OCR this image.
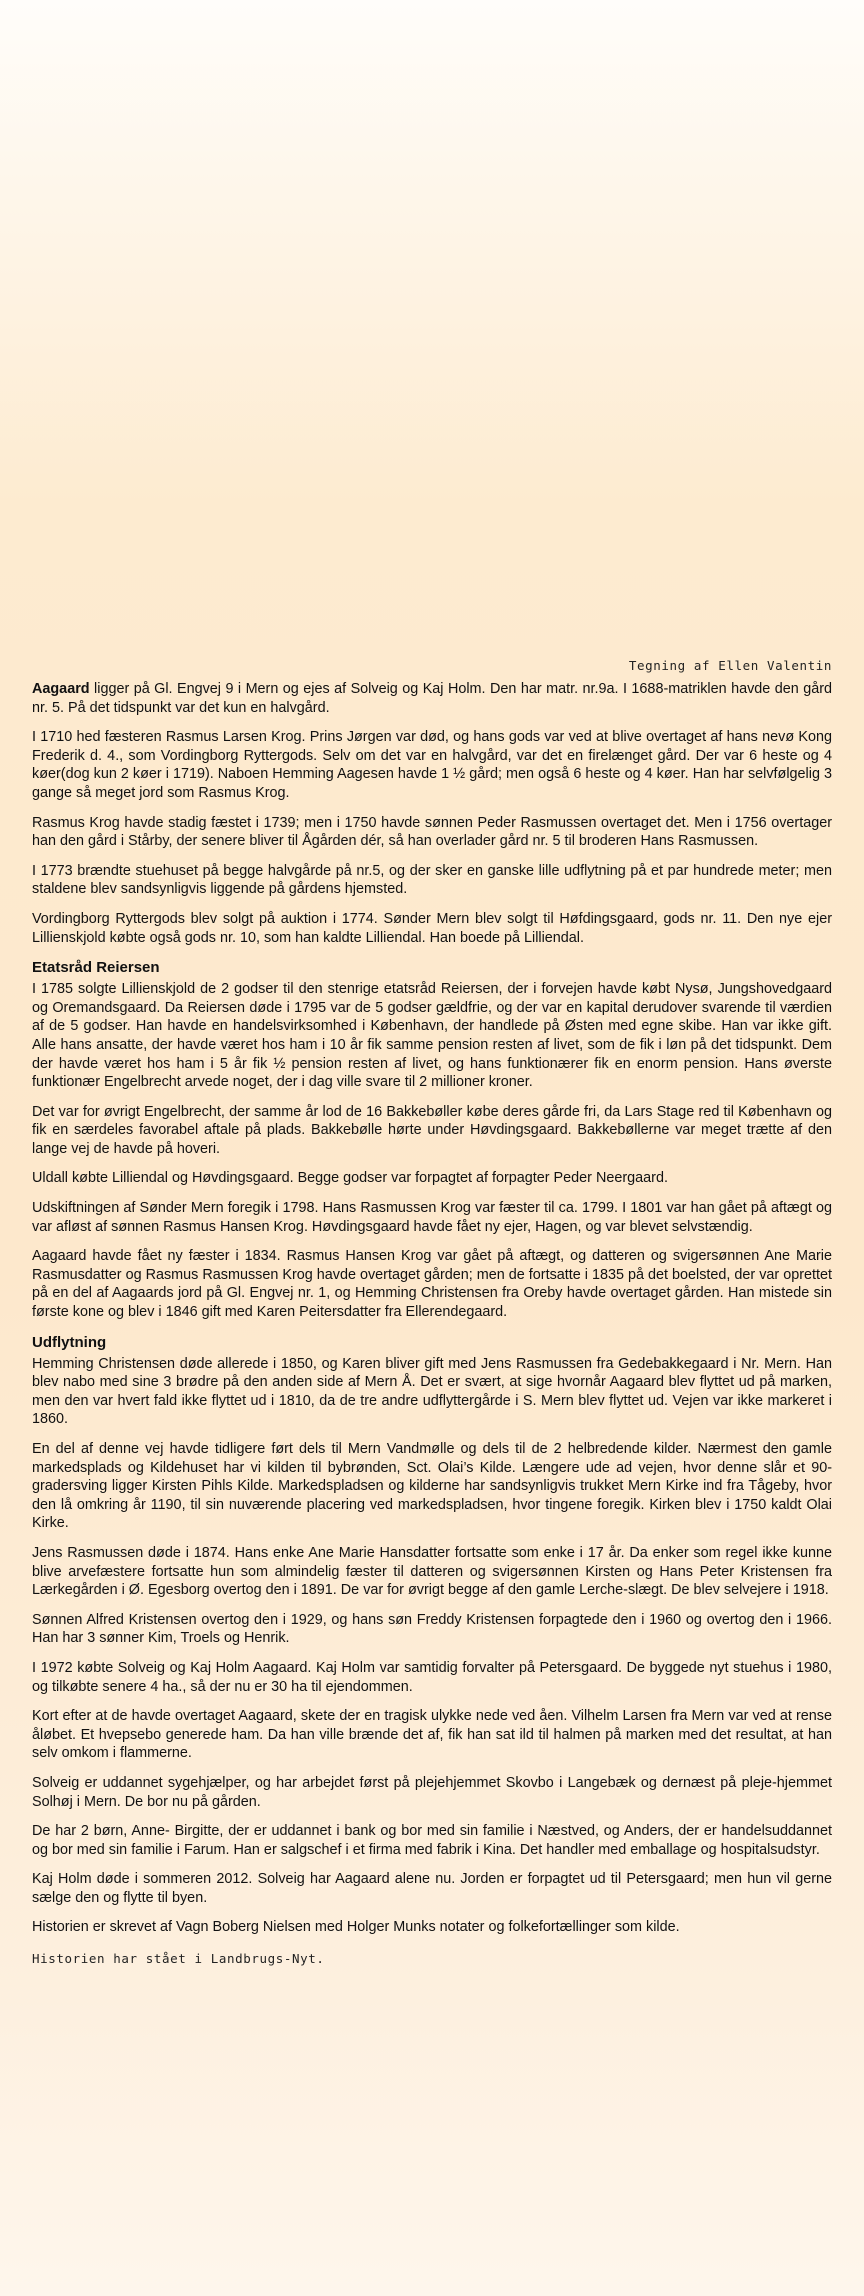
Tegning af Ellen Valentin

Aagaard ligger på Gl. Engvej 9 i Mern og ejes af Solveig og Kaj Holm. Den har matr. nr.9a. I 1688-matriklen havde den gård nr. 5. På det tidspunkt var det kun en halvgård.

I 1710 hed fæsteren Rasmus Larsen Krog. Prins Jørgen var død, og hans gods var ved at blive overtaget af hans nevø Kong Frederik d. 4., som Vordingborg Ryttergods. Selv om det var en halvgård, var det en firelænget gård. Der var 6 heste og 4 køer(dog kun 2 køer i 1719). Naboen Hemming Aagesen havde 1 ½ gård; men også 6 heste og 4 køer. Han har selvfølgelig 3 gange så meget jord som Rasmus Krog.

Rasmus Krog havde stadig fæstet i 1739; men i 1750 havde sønnen Peder Rasmussen overtaget det. Men i 1756 overtager han den gård i Stårby, der senere bliver til Ågården dér, så han overlader gård nr. 5 til broderen Hans Rasmussen.

I 1773 brændte stuehuset på begge halvgårde på nr.5, og der sker en ganske lille udflytning på et par hundrede meter; men staldene blev sandsynligvis liggende på gårdens hjemsted.

Vordingborg Ryttergods blev solgt på auktion i 1774. Sønder Mern blev solgt til Høfdingsgaard, gods nr. 11. Den nye ejer Lillienskjold købte også gods nr. 10, som han kaldte Lilliendal. Han boede på Lilliendal.

Etatsråd Reiersen

I 1785 solgte Lillienskjold de 2 godser til den stenrige etatsråd Reiersen, der i forvejen havde købt Nysø, Jungshovedgaard og Oremandsgaard. Da Reiersen døde i 1795 var de 5 godser gældfrie, og der var en kapital derudover svarende til værdien af de 5 godser. Han havde en handelsvirksomhed i København, der handlede på Østen med egne skibe. Han var ikke gift. Alle hans ansatte, der havde været hos ham i 10 år fik samme pension resten af livet, som de fik i løn på det tidspunkt. Dem der havde været hos ham i 5 år fik ½ pension resten af livet, og hans funktionærer fik en enorm pension. Hans øverste funktionær Engelbrecht arvede noget, der i dag ville svare til 2 millioner kroner.

Det var for øvrigt Engelbrecht, der samme år lod de 16 Bakkebøller købe deres gårde fri, da Lars Stage red til København og fik en særdeles favorabel aftale på plads. Bakkebølle hørte under Høvdingsgaard. Bakkebøllerne var meget trætte af den lange vej de havde på hoveri.

Uldall købte Lilliendal og Høvdingsgaard. Begge godser var forpagtet af forpagter Peder Neergaard.

Udskiftningen af Sønder Mern foregik i 1798. Hans Rasmussen Krog var fæster til ca. 1799. I 1801 var han gået på aftægt og var afløst af sønnen Rasmus Hansen Krog. Høvdingsgaard havde fået ny ejer, Hagen, og var blevet selvstændig.

Aagaard havde fået ny fæster i 1834. Rasmus Hansen Krog var gået på aftægt, og datteren og svigersønnen Ane Marie Rasmusdatter og Rasmus Rasmussen Krog havde overtaget gården; men de fortsatte i 1835 på det boelsted, der var oprettet på en del af Aagaards jord på Gl. Engvej nr. 1, og Hemming Christensen fra Oreby havde overtaget gården. Han mistede sin første kone og blev i 1846 gift med Karen Peitersdatter fra Ellerendegaard.

Udflytning

Hemming Christensen døde allerede i 1850, og Karen bliver gift med Jens Rasmussen fra Gedebakkegaard i Nr. Mern. Han blev nabo med sine 3 brødre på den anden side af Mern Å. Det er svært, at sige hvornår Aagaard blev flyttet ud på marken, men den var hvert fald ikke flyttet ud i 1810, da de tre andre udflyttergårde i S. Mern blev flyttet ud. Vejen var ikke markeret i 1860.

En del af denne vej havde tidligere ført dels til Mern Vandmølle og dels til de 2 helbredende kilder. Nærmest den gamle markedsplads og Kildehuset har vi kilden til bybrønden, Sct. Olai’s Kilde. Længere ude ad vejen, hvor denne slår et 90-gradersving ligger Kirsten Pihls Kilde. Markedspladsen og kilderne har sandsynligvis trukket Mern Kirke ind fra Tågeby, hvor den lå omkring år 1190, til sin nuværende placering ved markedspladsen, hvor tingene foregik. Kirken blev i 1750 kaldt Olai Kirke.

Jens Rasmussen døde i 1874. Hans enke Ane Marie Hansdatter fortsatte som enke i 17 år. Da enker som regel ikke kunne blive arvefæstere fortsatte hun som almindelig fæster til datteren og svigersønnen Kirsten og Hans Peter Kristensen fra Lærkegården i Ø. Egesborg overtog den i 1891. De var for øvrigt begge af den gamle Lerche-slægt. De blev selvejere i 1918.

Sønnen Alfred Kristensen overtog den i 1929, og hans søn Freddy Kristensen forpagtede den i 1960 og overtog den i 1966. Han har 3 sønner Kim, Troels og Henrik.

I 1972 købte Solveig og Kaj Holm Aagaard. Kaj Holm var samtidig forvalter på Petersgaard. De byggede nyt stuehus i 1980, og tilkøbte senere 4 ha., så der nu er 30 ha til ejendommen.

Kort efter at de havde overtaget Aagaard, skete der en tragisk ulykke nede ved åen. Vilhelm Larsen fra Mern var ved at rense åløbet. Et hvepsebo generede ham. Da han ville brænde det af, fik han sat ild til halmen på marken med det resultat, at han selv omkom i flammerne.

Solveig er uddannet sygehjælper, og har arbejdet først på plejehjemmet Skovbo i Langebæk og dernæst på pleje-hjemmet Solhøj i Mern. De bor nu på gården.

De har 2 børn, Anne- Birgitte, der er uddannet i bank og bor med sin familie i Næstved, og Anders, der er handelsuddannet og bor med sin familie i Farum. Han er salgschef i et firma med fabrik i Kina. Det handler med emballage og hospitalsudstyr.

Kaj Holm døde i sommeren 2012. Solveig har Aagaard alene nu. Jorden er forpagtet ud til Petersgaard; men hun vil gerne sælge den og flytte til byen.

Historien er skrevet af Vagn Boberg Nielsen med Holger Munks notater og folkefortællinger som kilde.

Historien har stået i Landbrugs-Nyt.
